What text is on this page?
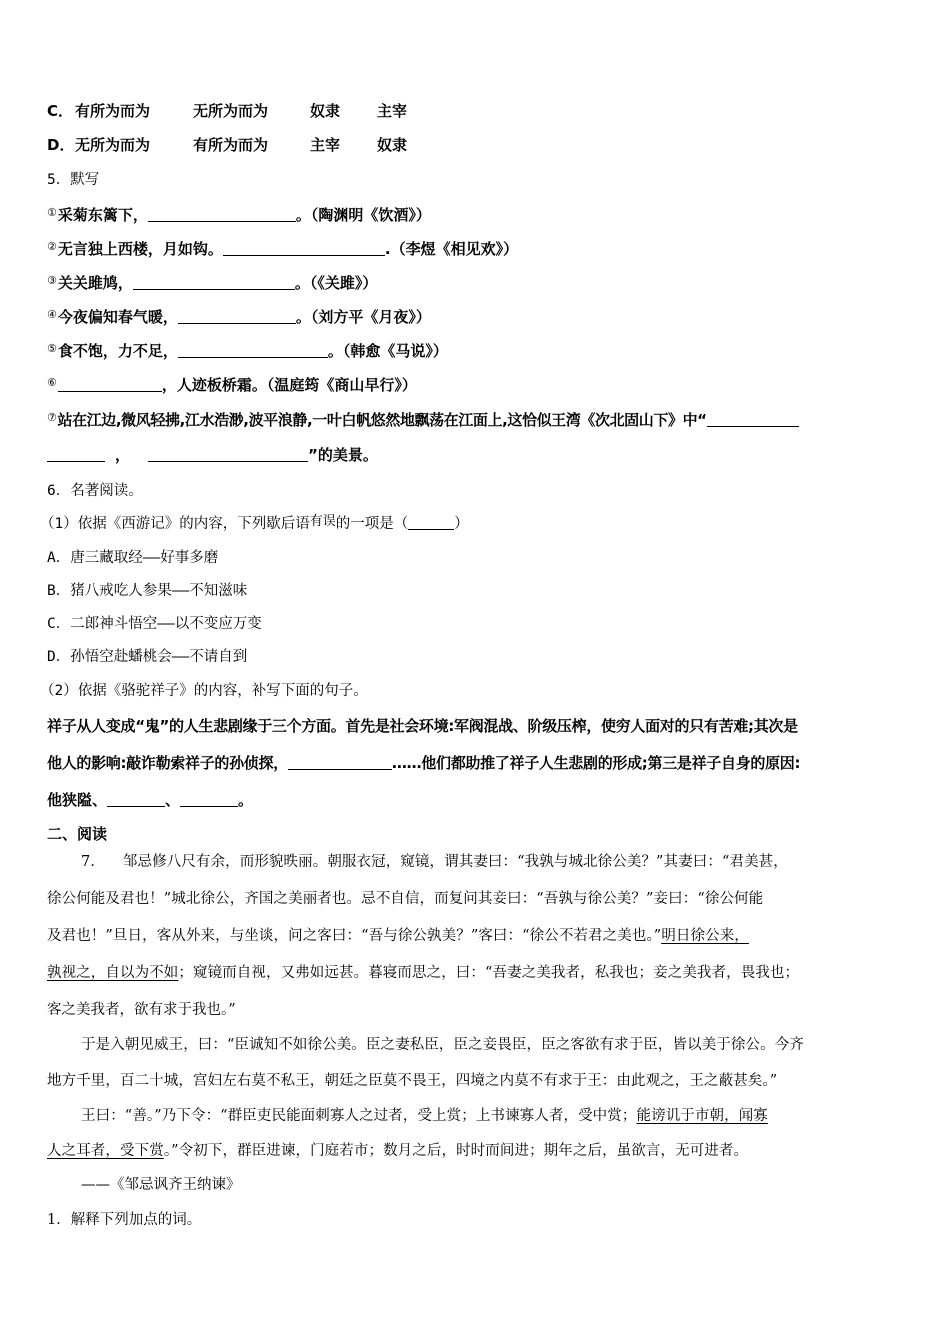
C． 有所为而为	无所为而为	奴隶 主宰
D．无所为而为	有所为而为	主宰 奴隶
5．默写
①采菊东篱下，	。（陶渊明《饮酒》）
②无言独上西楼，月如钩。	.（李煜《相见欢》）
③关关雎鸠，	。（《关雎》）
④今夜偏知春气暖，	。（刘方平《月夜》）
⑤食不饱，力不足，	。（韩愈《马说》）
⑥	，人迹板桥霜。（温庭筠《商山早行》）
⑦站在江边,微风轻拂,江水浩渺,波平浪静,一叶白帆悠然地飘荡在江面上,这恰似王湾《次北固山下》中“
，	”的美景。
6．名著阅读。
（1）依据《西游记》的内容，下列歇后语有误的一项是（	）
A．唐三藏取经——好事多磨
B．猪八戒吃人参果——不知滋味
C．二郎神斗悟空——以不变应万变
D．孙悟空赴蟠桃会——不请自到
（2）依据《骆驼祥子》的内容，补写下面的句子。
祥子从人变成“鬼”的人生悲剧缘于三个方面。首先是社会环境:军阀混战、阶级压榨，使穷人面对的只有苦难;其次是
他人的影响:敲诈勒索祥子的孙侦探，	……他们都助推了祥子人生悲剧的形成;第三是祥子自身的原因:
他狭隘、	、	。
二、阅读
7． 邹忌修八尺有余，而形貌昳丽。朝服衣冠，窥镜，谓其妻曰：“我孰与城北徐公美？”其妻曰：“君美甚，
徐公何能及君也！”城北徐公，齐国之美丽者也。忌不自信，而复问其妾曰：“吾孰与徐公美？”妾曰：“徐公何能
及君也！”旦日，客从外来，与坐谈，问之客曰：“吾与徐公孰美？”客曰：“徐公不若君之美也。”明日徐公来，
孰视之，自以为不如；窥镜而自视，又弗如远甚。暮寝而思之，曰：“吾妻之美我者，私我也；妾之美我者，畏我也；
客之美我者，欲有求于我也。”
于是入朝见威王，曰：“臣诚知不如徐公美。臣之妻私臣，臣之妾畏臣，臣之客欲有求于臣，皆以美于徐公。今齐
地方千里，百二十城，宫妇左右莫不私王，朝廷之臣莫不畏王，四境之内莫不有求于王：由此观之，王之蔽甚矣。”
王曰：“善。”乃下令：“群臣吏民能面刺寡人之过者，受上赏；上书谏寡人者，受中赏；能谤讥于市朝，闻寡
人之耳者，受下赏。”令初下，群臣进谏，门庭若市；数月之后，时时而间进；期年之后，虽欲言，无可进者。
——《邹忌讽齐王纳谏》
1．解释下列加点的词。
